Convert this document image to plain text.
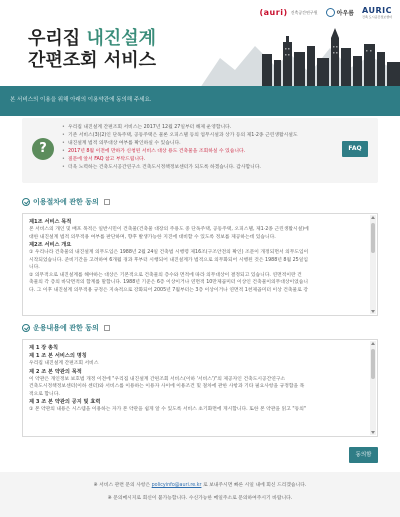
(auri) 건축공간연구원	아우름 AURIC
건축 도시공간정보센터
우리집 내진설계
간편조회 서비스
본 서비스의 이용을 위해 아래의 이용약관에 동의해 주세요.
?
• 우리집 내진설계 간편조회 서비스는 2017년 12월 27일부터 해제 운영합니다.
• 기존 서비스(3)(2)인 단독주택, 공동주택은 물론 오피스텔 등의 업무시설과 상가 등의 제1‧2종 근린생활시설도
• 내진설계 법적 의무대상 여부를 확인하실 수 있습니다.
• 2017년 8월 이전에 만하가 신청된 서비스 대상 용도 건축물을 조회하실 수 있습니다.
• 질문에 앞서 FAQ 참고 부탁드립니다.
• 더욱 노력하는 건축도시공간연구소 건축도시정책정보센터가 되도록 하겠습니다. 감사합니다.
FAQ
이용절차에 관한 동의
제1조 서비스 목적
본 서비스의 개인 및 배포 목적은 일반시민이 건축물(건축물 대장의 주용도 중 단독주택, 공동주택, 오피스텔, 제1·2종 근린생활시설)에
대한 내진설계 법적 의무적용 여부를 판단하며, 향후 발생가능한 지진에 대비할 수 있도록 정보를 제공하는데 있습니다.
제2조 서비스 개요
① 우리나라 건축물의 내진설계 의무도입은 1988년 2월 24일 건축법 시행령 제16조(구조안전의 확인) 조문이 개정되면서 의무도입이
시작되었습니다. 준비기간을 고려하여 6개월 경과 후부터 시행되어 내진설계가 법적으로 의무화되어 시행된 것은 1988년 8월 25일입
니다.
② 의무적으로 내진설계를 해야하는 대상은 기본적으로 건축물의 층수와 면적에 따라 의무대상이 결정되고 있습니다. 연면적이란 건
축물의 각 층의 바닥면적의 합계를 말합니다. 1988년 기준은 6층 이상이거나 연면적 10만제곱미터 이상인 건축물이의무대상이었습니
다. 그 이후 내진설계 의무적용 규정은 지속적으로 강화되어 2005년 7월부터는 3층 이상이거나 연면적 1천제곱미터 이상 건축물로 강
운용내용에 관한 동의
제 1 장 총칙
제 1 조 본 서비스의 명칭
우리집 내진설계 간편조회 서비스
제 2 조 본 약관의 목적
이 약관은 개인정보 보호법 개정 이전에 "우리집 내진설계 간편조회 서비스(이하 '서비스')"의 제공자인 건축도시공간연구소
건축도시정책정보센터(이하 센터)와 서비스를 이용하는 이용자 사이에 이용조건 및 절차에 관한 사항과 기타 필요사항을 규정함을 목
적으로 합니다.
제 3 조 본 약관의 공지 및 효력
① 본 약관의 내용은 시스템을 이용하는 자가 본 약관을 쉽게 알 수 있도록 서비스 초기화면에 게시합니다. 또한 본 약관을 읽고 "동의"
동의함
※ 서비스 관련 문의 사항은 policyinfo@auri.re.kr 로 보내주시면 빠른 시일 내에 회신 드리겠습니다.
※ 문의메시지로 회신이 불가능합니다. 수신가능한 메일주소로 문의하여주시기 바랍니다.
